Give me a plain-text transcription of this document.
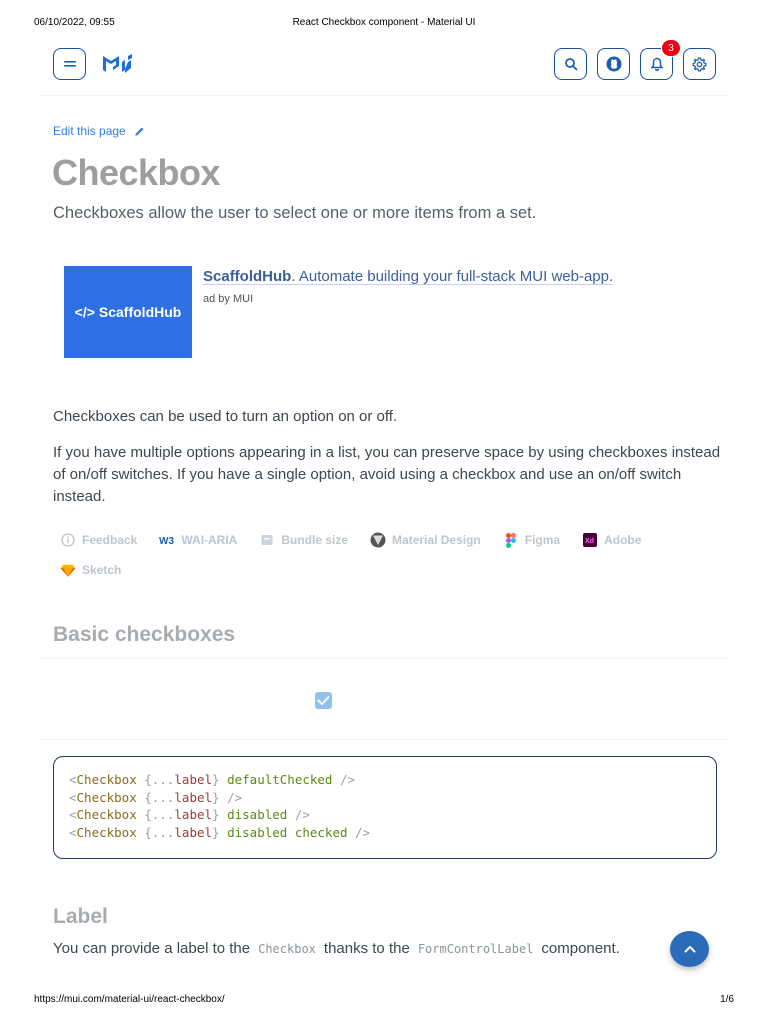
06/10/2022, 09:55	React Checkbox component - Material UI
3
Edit this page
Checkbox

Checkboxes allow the user to select one or more items from a set.

</> ScaffoldHub
ScaffoldHub. Automate building your full-stack MUI web-app.
ad by MUI

Checkboxes can be used to turn an option on or off.

If you have multiple options appearing in a list, you can preserve space by using checkboxes instead of on/off switches. If you have a single option, avoid using a checkbox and use an on/off switch instead.

Feedback W3 WAI-ARIA	Bundle size	Material Design	Figma	Xd Adobe
Sketch
Basic checkboxes
<Checkbox {...label} defaultChecked />
<Checkbox {...label} />
<Checkbox {...label} disabled />
<Checkbox {...label} disabled checked />
Label

You can provide a label to the Checkbox thanks to the FormControlLabel component.

https://mui.com/material-ui/react-checkbox/	1/6
